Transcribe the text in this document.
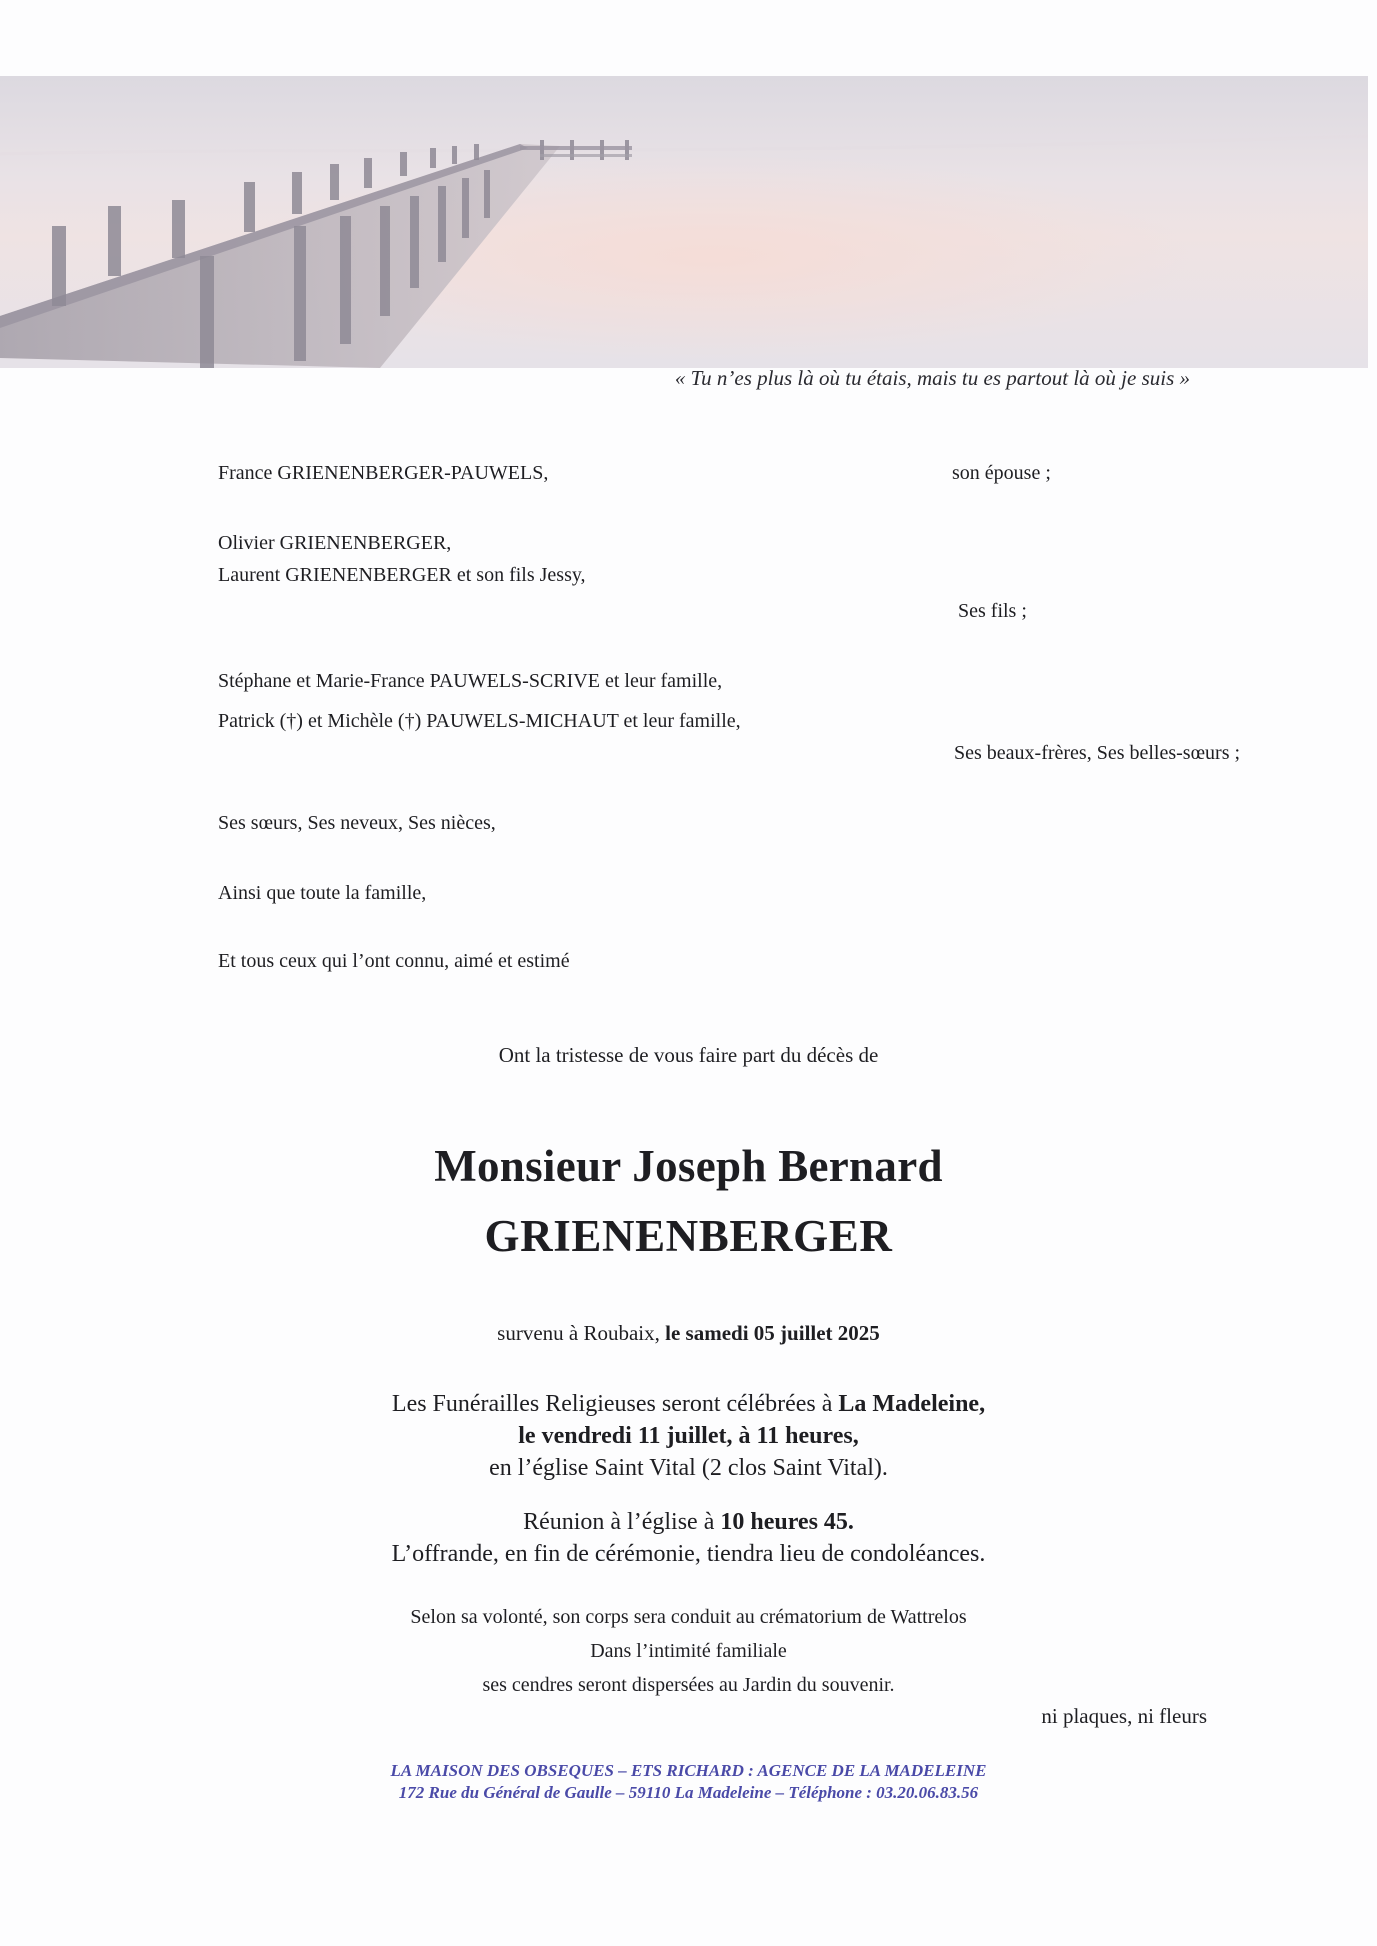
« Tu n’es plus là où tu étais, mais tu es partout là où je suis »
France GRIENENBERGER-PAUWELS,	son épouse ;
Olivier GRIENENBERGER,
Laurent GRIENENBERGER et son fils Jessy,
Ses fils ;
Stéphane et Marie-France PAUWELS-SCRIVE et leur famille,
Patrick (†) et Michèle (†) PAUWELS-MICHAUT et leur famille,
Ses beaux-frères, Ses belles-sœurs ;
Ses sœurs, Ses neveux, Ses nièces,
Ainsi que toute la famille,
Et tous ceux qui l’ont connu, aimé et estimé
Ont la tristesse de vous faire part du décès de
Monsieur Joseph Bernard
GRIENENBERGER
survenu à Roubaix, le samedi 05 juillet 2025
Les Funérailles Religieuses seront célébrées à La Madeleine,
le vendredi 11 juillet, à 11 heures,
en l’église Saint Vital (2 clos Saint Vital).
Réunion à l’église à 10 heures 45.
L’offrande, en fin de cérémonie, tiendra lieu de condoléances.
Selon sa volonté, son corps sera conduit au crématorium de Wattrelos
Dans l’intimité familiale
ses cendres seront dispersées au Jardin du souvenir.
ni plaques, ni fleurs
LA MAISON DES OBSEQUES – ETS RICHARD : AGENCE DE LA MADELEINE
172 Rue du Général de Gaulle – 59110 La Madeleine – Téléphone : 03.20.06.83.56
